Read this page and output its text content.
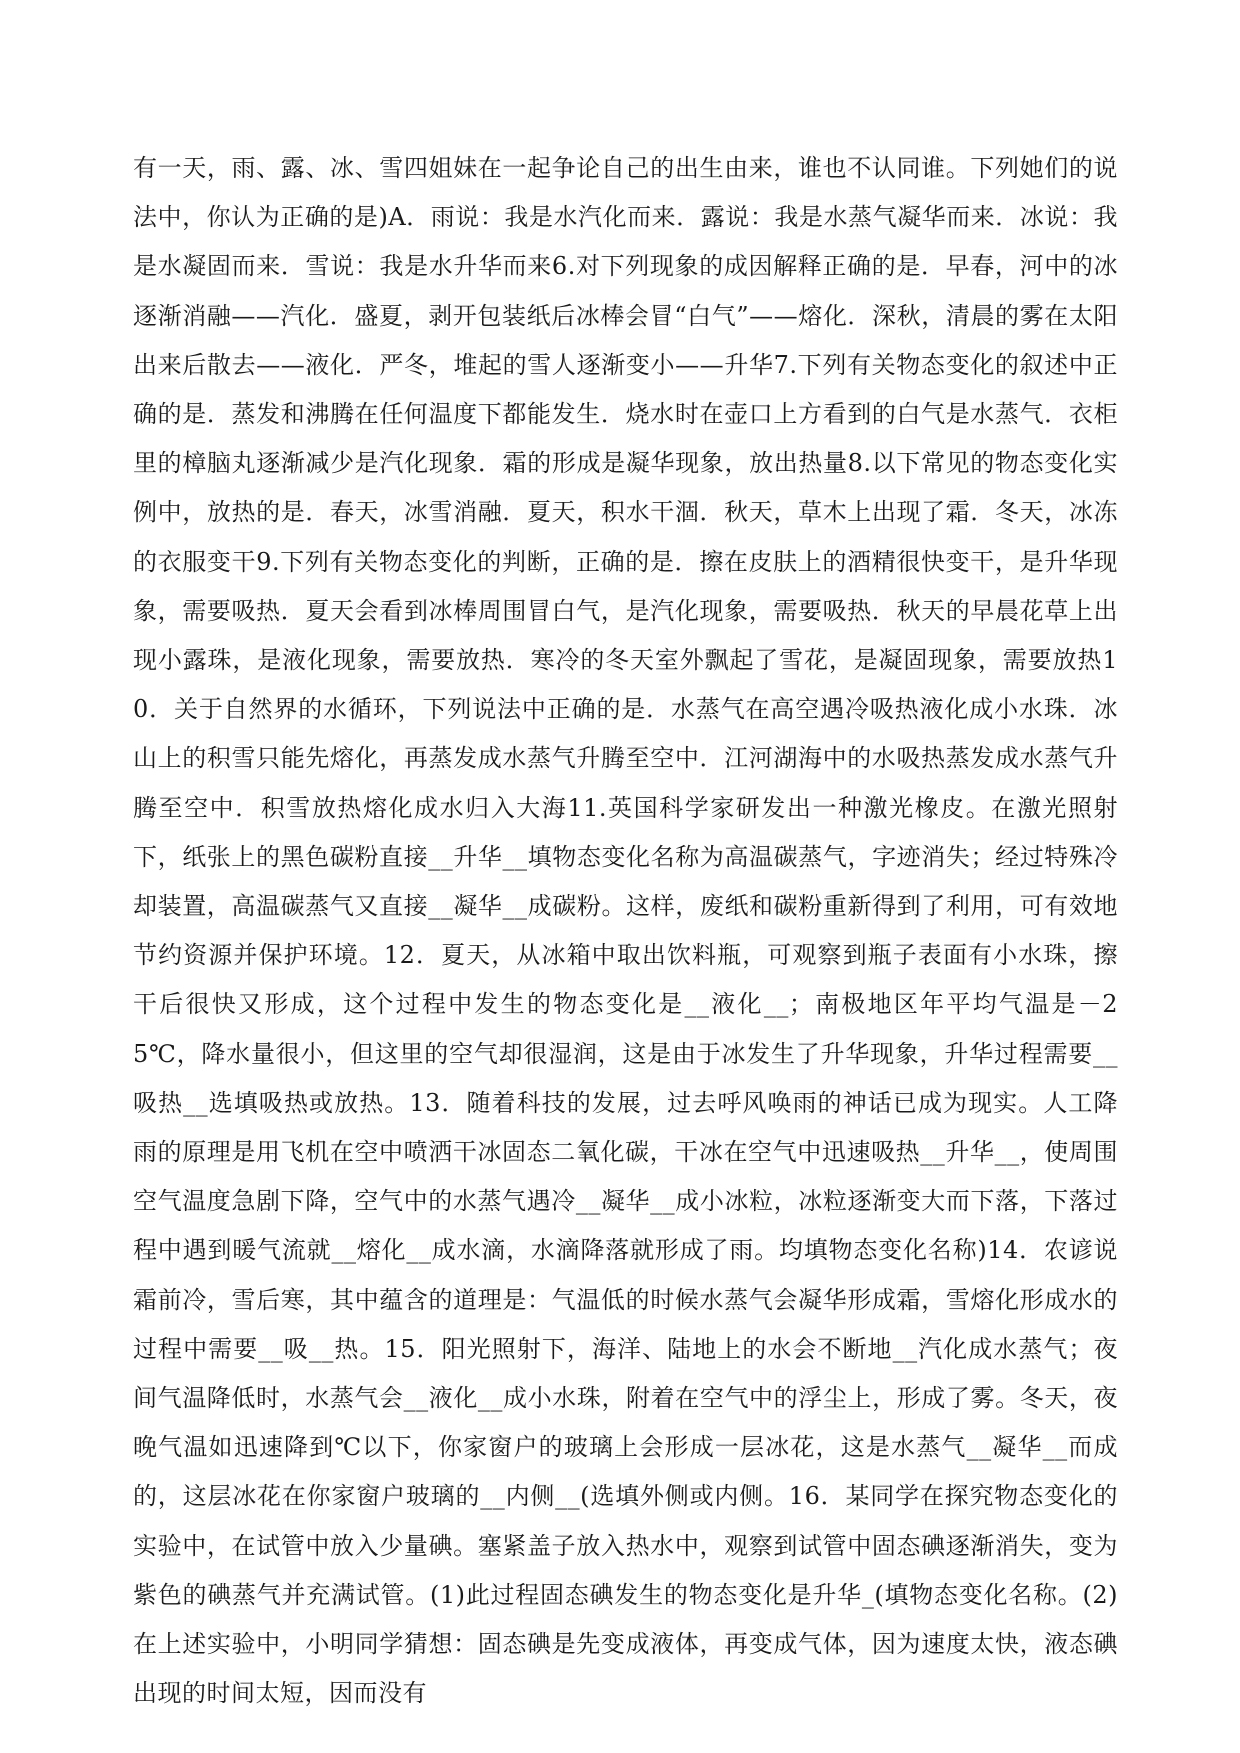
有一天，雨、露、冰、雪四姐妹在一起争论自己的出生由来，谁也不认同谁。下列她们的说法中，你认为正确的是)A．雨说：我是水汽化而来．露说：我是水蒸气凝华而来．冰说：我是水凝固而来．雪说：我是水升华而来6.对下列现象的成因解释正确的是．早春，河中的冰逐渐消融——汽化．盛夏，剥开包装纸后冰棒会冒“白气”——熔化．深秋，清晨的雾在太阳出来后散去——液化．严冬，堆起的雪人逐渐变小——升华7.下列有关物态变化的叙述中正确的是．蒸发和沸腾在任何温度下都能发生．烧水时在壶口上方看到的白气是水蒸气．衣柜里的樟脑丸逐渐减少是汽化现象．霜的形成是凝华现象，放出热量8.以下常见的物态变化实例中，放热的是．春天，冰雪消融．夏天，积水干涸．秋天，草木上出现了霜．冬天，冰冻的衣服变干9.下列有关物态变化的判断，正确的是．擦在皮肤上的酒精很快变干，是升华现象，需要吸热．夏天会看到冰棒周围冒白气，是汽化现象，需要吸热．秋天的早晨花草上出现小露珠，是液化现象，需要放热．寒冷的冬天室外飘起了雪花，是凝固现象，需要放热10．关于自然界的水循环，下列说法中正确的是．水蒸气在高空遇冷吸热液化成小水珠．冰山上的积雪只能先熔化，再蒸发成水蒸气升腾至空中．江河湖海中的水吸热蒸发成水蒸气升腾至空中．积雪放热熔化成水归入大海11.英国科学家研发出一种激光橡皮。在激光照射下，纸张上的黑色碳粉直接__升华__填物态变化名称为高温碳蒸气，字迹消失；经过特殊冷却装置，高温碳蒸气又直接__凝华__成碳粉。这样，废纸和碳粉重新得到了利用，可有效地节约资源并保护环境。12．夏天，从冰箱中取出饮料瓶，可观察到瓶子表面有小水珠，擦干后很快又形成，这个过程中发生的物态变化是__液化__；南极地区年平均气温是－25℃，降水量很小，但这里的空气却很湿润，这是由于冰发生了升华现象，升华过程需要__吸热__选填吸热或放热。13．随着科技的发展，过去呼风唤雨的神话已成为现实。人工降雨的原理是用飞机在空中喷洒干冰固态二氧化碳，干冰在空气中迅速吸热__升华__，使周围空气温度急剧下降，空气中的水蒸气遇冷__凝华__成小冰粒，冰粒逐渐变大而下落，下落过程中遇到暖气流就__熔化__成水滴，水滴降落就形成了雨。均填物态变化名称)14．农谚说霜前冷，雪后寒，其中蕴含的道理是：气温低的时候水蒸气会凝华形成霜，雪熔化形成水的过程中需要__吸__热。15．阳光照射下，海洋、陆地上的水会不断地__汽化成水蒸气；夜间气温降低时，水蒸气会__液化__成小水珠，附着在空气中的浮尘上，形成了雾。冬天，夜晚气温如迅速降到℃以下，你家窗户的玻璃上会形成一层冰花，这是水蒸气__凝华__而成的，这层冰花在你家窗户玻璃的__内侧__(选填外侧或内侧。16．某同学在探究物态变化的实验中，在试管中放入少量碘。塞紧盖子放入热水中，观察到试管中固态碘逐渐消失，变为紫色的碘蒸气并充满试管。(1)此过程固态碘发生的物态变化是升华_(填物态变化名称。(2)在上述实验中，小明同学猜想：固态碘是先变成液体，再变成气体，因为速度太快，液态碘出现的时间太短，因而没有
